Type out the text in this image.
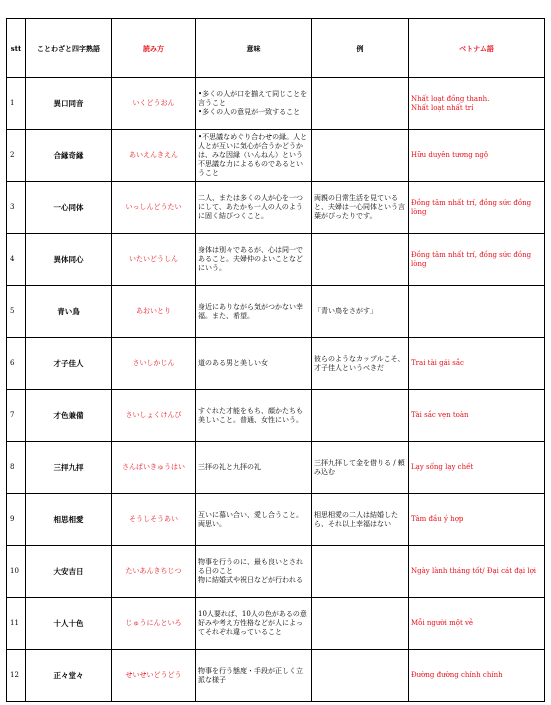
stt	ことわざと四字熟語	読み方	意味	例	ベトナム語
1	異口同音	いくどうおん	•多くの人が口を揃えて同じことを言うこと
•多くの人の意見が一致すること		Nhất loạt đồng thanh.
Nhất loạt nhất trí

2	合縁奇縁	あいえんきえん	•不思議なめぐり合わせの縁。人と人とが互いに気心が合うかどうかは、みな因縁（いんねん）という不思議な力によるものであるということ		Hữu duyên tương ngộ

3	一心同体	いっしんどうたい	二人、または多くの人が心を一つにして、あたかも一人の人のように固く結びつくこと。	両親の日常生活を見ていると、夫婦は一心同体という言葉がぴったりです。	Đồng tâm nhất trí, đồng sức đồng lòng

4	異体同心	いたいどうしん	身体は別々であるが、心は同一であること。夫婦仲のよいことなどにいう。		Đồng tâm nhất trí, đồng sức đồng lòng

5	青い鳥	あおいとり	身近にありながら気がつかない幸福。また、希望。	「青い鳥をさがす」	

6	才子佳人	さいしかじん	道のある男と美しい女	彼らのようなカップルこそ、才子佳人というべきだ	Trai tài gái sắc

7	才色兼備	さいしょくけんび	すぐれた才能をもち、顔かたちも美しいこと。普通、女性にいう。		Tài sắc vẹn toàn

8	三拝九拝	さんぱいきゅうはい	三拝の礼と九拝の礼	三拝九拝して金を借りる / 頼み込む	Lạy sống lạy chết

9	相思相愛	そうしそうあい	互いに慕い合い、愛し合うこと。両思い。	相思相愛の二人は結婚したら、それ以上幸福はない	Tâm đầu ý hợp

10	大安吉日	たいあんきちじつ	物事を行うのに、最も良いとされる日のこと
物に結婚式や祝日などが行われる		Ngày lành tháng tốt/ Đại cát đại lợi

11	十人十色	じゅうにんといろ	10人要れば、10人の色があるの意
好みや考え方性格などが人によってそれぞれ違っていること		Mỗi người một vẻ

12	正々堂々	せいせいどうどう	物事を行う態度・手段が正しく立派な様子		Đường đường chính chính
